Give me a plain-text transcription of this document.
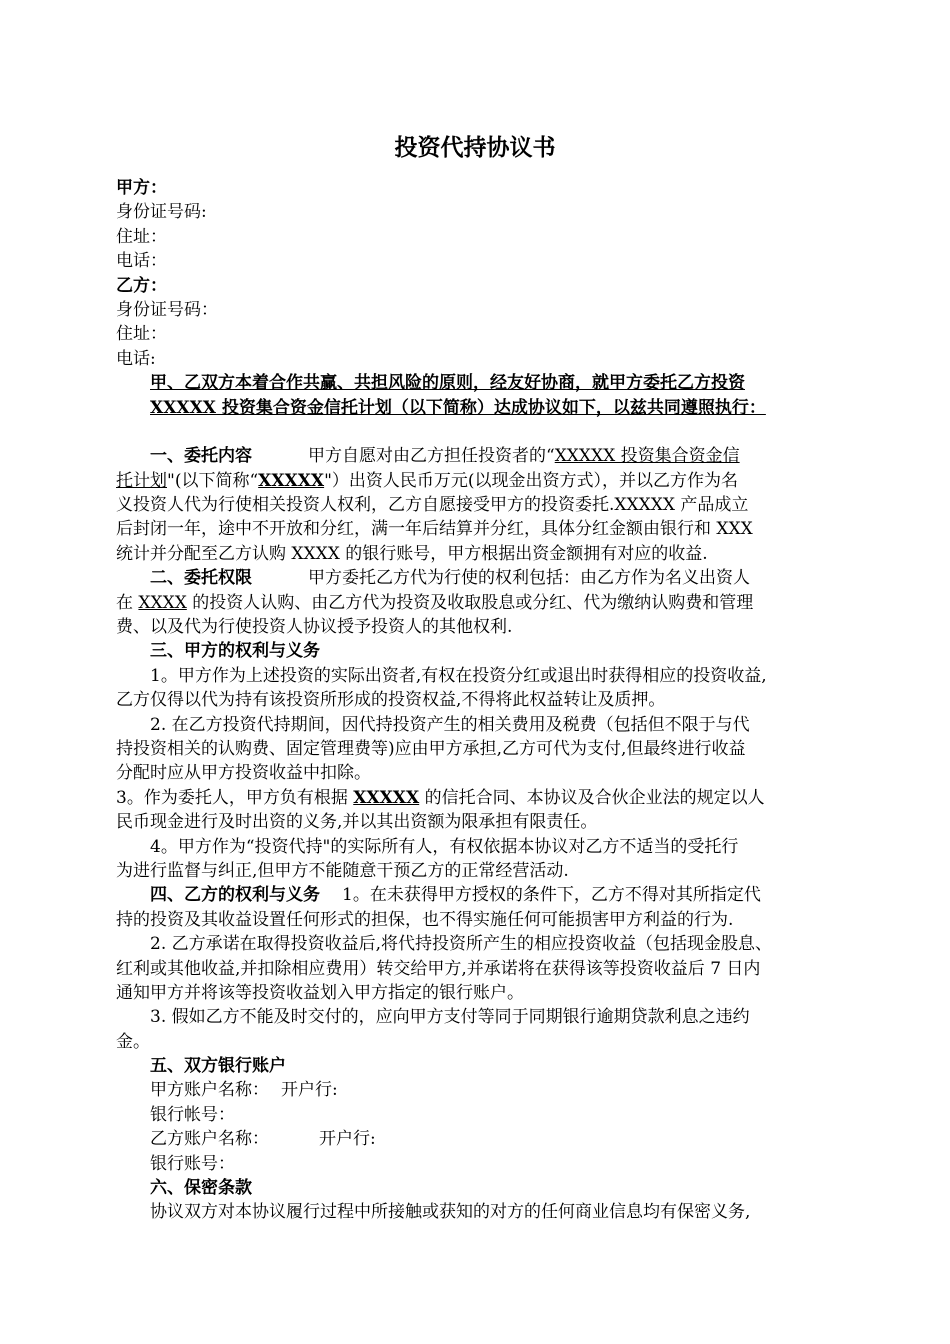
投资代持协议书
甲方：
身份证号码:
住址：
电话：
乙方：
身份证号码：
住址：
电话:
甲、乙双方本着合作共赢、共担风险的原则，经友好协商，就甲方委托乙方投资
XXXXX 投资集合资金信托计划（以下简称）达成协议如下，以兹共同遵照执行：
一、委托内容	甲方自愿对由乙方担任投资者的“XXXXX 投资集合资金信
托计划"(以下简称“XXXXX"）出资人民币万元(以现金出资方式），并以乙方作为名
义投资人代为行使相关投资人权利，乙方自愿接受甲方的投资委托.XXXXX 产品成立
后封闭一年，途中不开放和分红，满一年后结算并分红，具体分红金额由银行和 XXX
统计并分配至乙方认购 XXXX 的银行账号，甲方根据出资金额拥有对应的收益.
二、委托权限	甲方委托乙方代为行使的权利包括：由乙方作为名义出资人
在 XXXX 的投资人认购、由乙方代为投资及收取股息或分红、代为缴纳认购费和管理
费、以及代为行使投资人协议授予投资人的其他权利.
三、甲方的权利与义务
1。甲方作为上述投资的实际出资者,有权在投资分红或退出时获得相应的投资收益,
乙方仅得以代为持有该投资所形成的投资权益,不得将此权益转让及质押。
2. 在乙方投资代持期间，因代持投资产生的相关费用及税费（包括但不限于与代
持投资相关的认购费、固定管理费等)应由甲方承担,乙方可代为支付,但最终进行收益
分配时应从甲方投资收益中扣除。
3。作为委托人，甲方负有根据 XXXXX 的信托合同、本协议及合伙企业法的规定以人
民币现金进行及时出资的义务,并以其出资额为限承担有限责任。
4。甲方作为“投资代持"的实际所有人，有权依据本协议对乙方不适当的受托行
为进行监督与纠正,但甲方不能随意干预乙方的正常经营活动.
四、乙方的权利与义务 1。在未获得甲方授权的条件下，乙方不得对其所指定代
持的投资及其收益设置任何形式的担保，也不得实施任何可能损害甲方利益的行为.
2. 乙方承诺在取得投资收益后,将代持投资所产生的相应投资收益（包括现金股息、
红利或其他收益,并扣除相应费用）转交给甲方,并承诺将在获得该等投资收益后 7 日内
通知甲方并将该等投资收益划入甲方指定的银行账户。
3. 假如乙方不能及时交付的，应向甲方支付等同于同期银行逾期贷款利息之违约
金。
五、双方银行账户
甲方账户名称： 开户行:
银行帐号：
乙方账户名称：	开户行:
银行账号：
六、保密条款
协议双方对本协议履行过程中所接触或获知的对方的任何商业信息均有保密义务,
